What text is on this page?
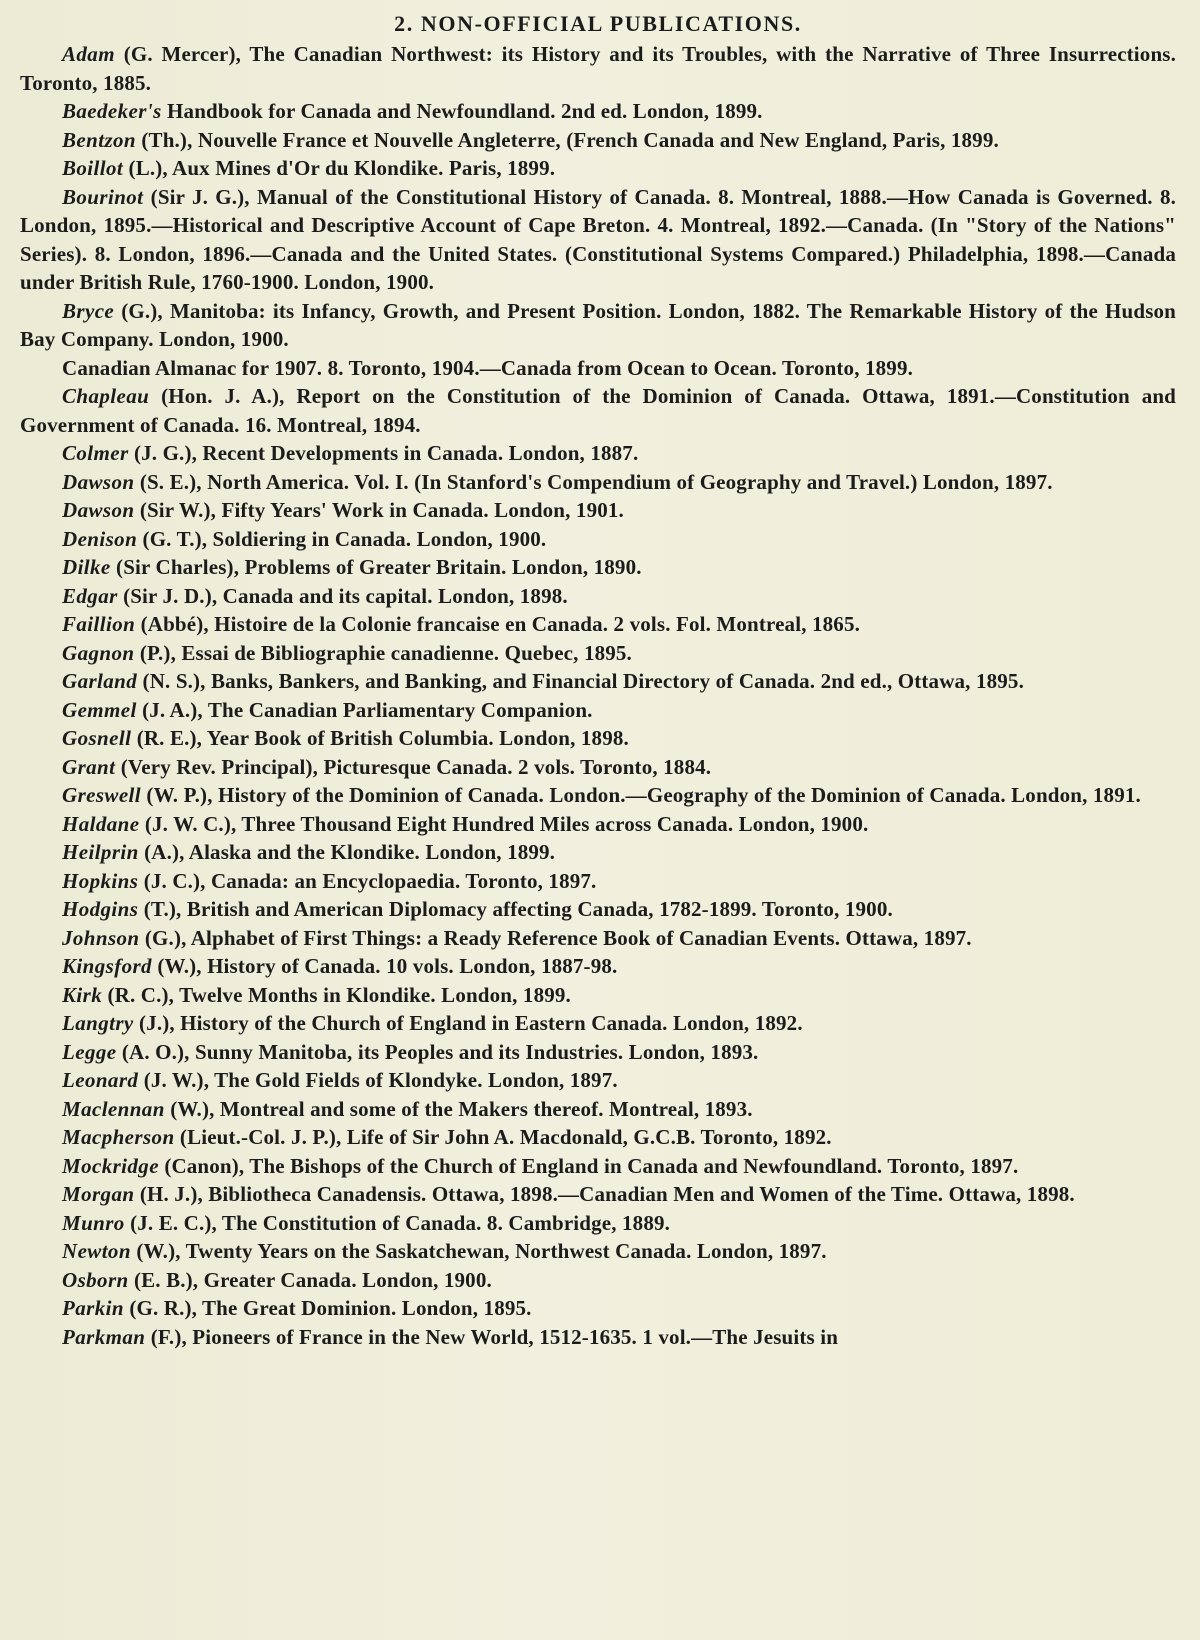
2. NON-OFFICIAL PUBLICATIONS.

Adam (G. Mercer), The Canadian Northwest: its History and its Troubles, with the Narrative of Three Insurrections. Toronto, 1885.

Baedeker's Handbook for Canada and Newfoundland. 2nd ed. London, 1899.

Bentzon (Th.), Nouvelle France et Nouvelle Angleterre, (French Canada and New England, Paris, 1899.

Boillot (L.), Aux Mines d'Or du Klondike. Paris, 1899.

Bourinot (Sir J. G.), Manual of the Constitutional History of Canada. 8. Montreal, 1888.—How Canada is Governed. 8. London, 1895.—Historical and Descriptive Account of Cape Breton. 4. Montreal, 1892.—Canada. (In "Story of the Nations" Series). 8. London, 1896.—Canada and the United States. (Constitutional Systems Compared.) Philadelphia, 1898.—Canada under British Rule, 1760-1900. London, 1900.

Bryce (G.), Manitoba: its Infancy, Growth, and Present Position. London, 1882. The Remarkable History of the Hudson Bay Company. London, 1900.

Canadian Almanac for 1907. 8. Toronto, 1904.—Canada from Ocean to Ocean. Toronto, 1899.

Chapleau (Hon. J. A.), Report on the Constitution of the Dominion of Canada. Ottawa, 1891.—Constitution and Government of Canada. 16. Montreal, 1894.

Colmer (J. G.), Recent Developments in Canada. London, 1887.

Dawson (S. E.), North America. Vol. I. (In Stanford's Compendium of Geography and Travel.) London, 1897.

Dawson (Sir W.), Fifty Years' Work in Canada. London, 1901.

Denison (G. T.), Soldiering in Canada. London, 1900.

Dilke (Sir Charles), Problems of Greater Britain. London, 1890.

Edgar (Sir J. D.), Canada and its capital. London, 1898.

Faillion (Abbé), Histoire de la Colonie francaise en Canada. 2 vols. Fol. Montreal, 1865.

Gagnon (P.), Essai de Bibliographie canadienne. Quebec, 1895.

Garland (N. S.), Banks, Bankers, and Banking, and Financial Directory of Canada. 2nd ed., Ottawa, 1895.

Gemmel (J. A.), The Canadian Parliamentary Companion.

Gosnell (R. E.), Year Book of British Columbia. London, 1898.

Grant (Very Rev. Principal), Picturesque Canada. 2 vols. Toronto, 1884.

Greswell (W. P.), History of the Dominion of Canada. London.—Geography of the Dominion of Canada. London, 1891.

Haldane (J. W. C.), Three Thousand Eight Hundred Miles across Canada. London, 1900.

Heilprin (A.), Alaska and the Klondike. London, 1899.

Hopkins (J. C.), Canada: an Encyclopaedia. Toronto, 1897.

Hodgins (T.), British and American Diplomacy affecting Canada, 1782-1899. Toronto, 1900.

Johnson (G.), Alphabet of First Things: a Ready Reference Book of Canadian Events. Ottawa, 1897.

Kingsford (W.), History of Canada. 10 vols. London, 1887-98.

Kirk (R. C.), Twelve Months in Klondike. London, 1899.

Langtry (J.), History of the Church of England in Eastern Canada. London, 1892.

Legge (A. O.), Sunny Manitoba, its Peoples and its Industries. London, 1893.

Leonard (J. W.), The Gold Fields of Klondyke. London, 1897.

Maclennan (W.), Montreal and some of the Makers thereof. Montreal, 1893.

Macpherson (Lieut.-Col. J. P.), Life of Sir John A. Macdonald, G.C.B. Toronto, 1892.

Mockridge (Canon), The Bishops of the Church of England in Canada and Newfoundland. Toronto, 1897.

Morgan (H. J.), Bibliotheca Canadensis. Ottawa, 1898.—Canadian Men and Women of the Time. Ottawa, 1898.

Munro (J. E. C.), The Constitution of Canada. 8. Cambridge, 1889.

Newton (W.), Twenty Years on the Saskatchewan, Northwest Canada. London, 1897.

Osborn (E. B.), Greater Canada. London, 1900.

Parkin (G. R.), The Great Dominion. London, 1895.

Parkman (F.), Pioneers of France in the New World, 1512-1635. 1 vol.—The Jesuits in
